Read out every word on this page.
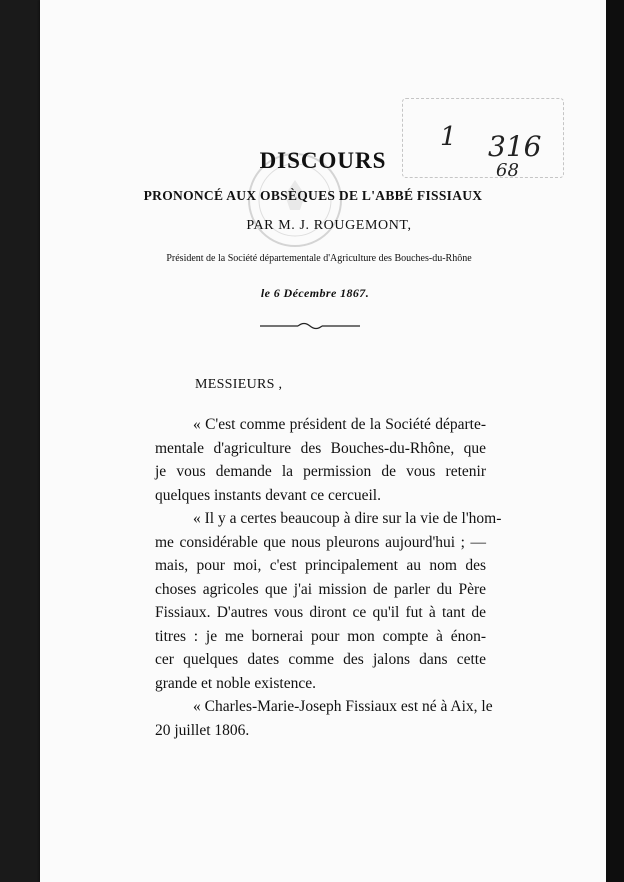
1 316
68
DISCOURS
PRONONCÉ AUX OBSÈQUES DE L'ABBÉ FISSIAUX
PAR M. J. ROUGEMONT,
Président de la Société départementale d'Agriculture des Bouches-du-Rhône
le 6 Décembre 1867.
MESSIEURS ,
« C'est comme président de la Société départe-
mentale d'agriculture des Bouches-du-Rhône, que
je vous demande la permission de vous retenir
quelques instants devant ce cercueil.
« Il y a certes beaucoup à dire sur la vie de l'hom-
me considérable que nous pleurons aujourd'hui ; —
mais, pour moi, c'est principalement au nom des
choses agricoles que j'ai mission de parler du Père
Fissiaux. D'autres vous diront ce qu'il fut à tant de
titres : je me bornerai pour mon compte à énon-
cer quelques dates comme des jalons dans cette
grande et noble existence.
« Charles-Marie-Joseph Fissiaux est né à Aix, le
20 juillet 1806.
